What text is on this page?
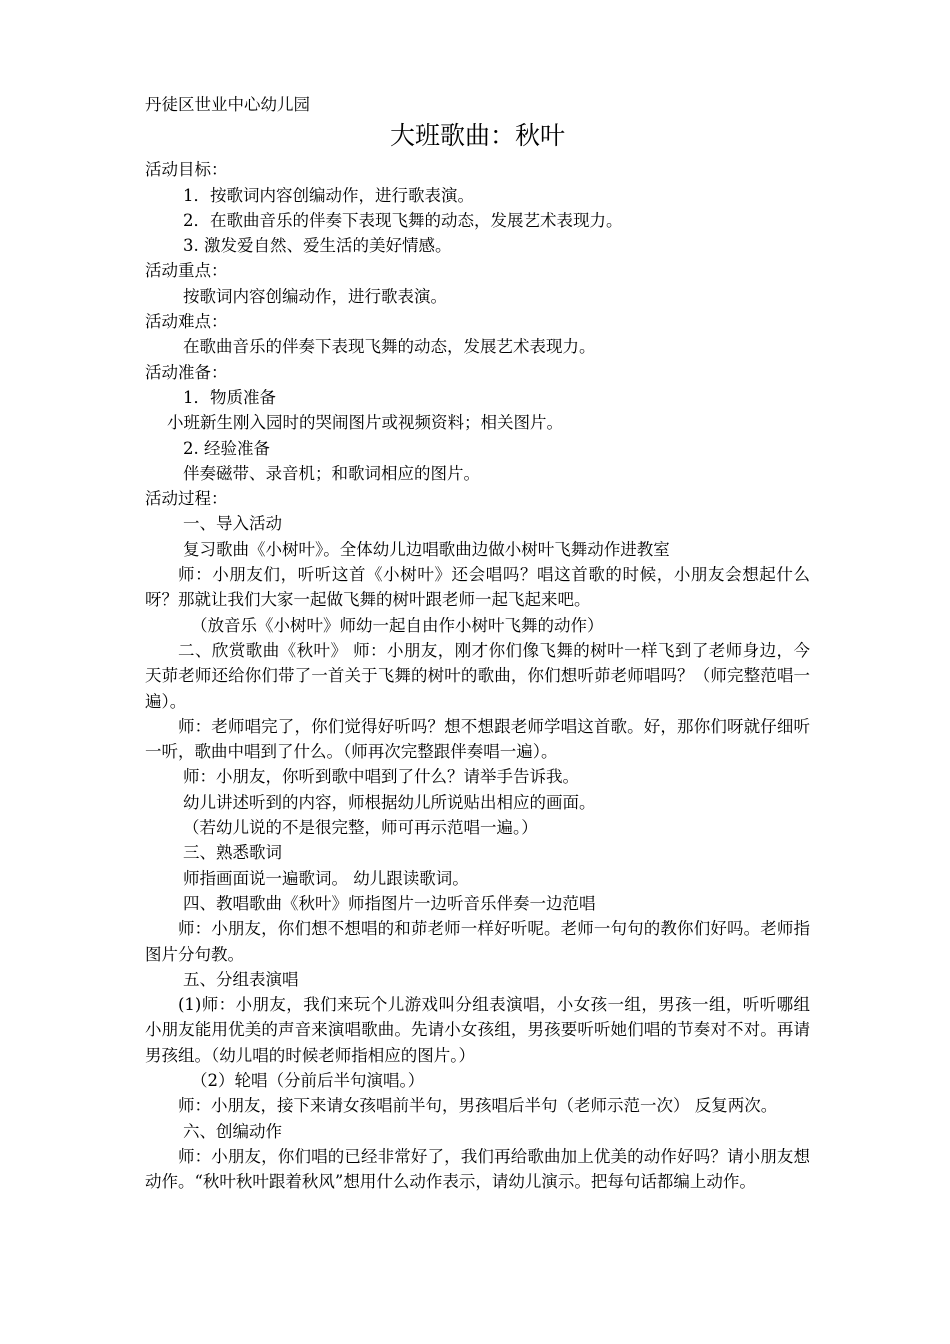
丹徒区世业中心幼儿园
大班歌曲：秋叶
活动目标：
1．按歌词内容创编动作，进行歌表演。
2．在歌曲音乐的伴奏下表现飞舞的动态，发展艺术表现力。
3. 激发爱自然、爱生活的美好情感。
活动重点：
按歌词内容创编动作，进行歌表演。
活动难点：
在歌曲音乐的伴奏下表现飞舞的动态，发展艺术表现力。
活动准备：
1．物质准备
小班新生刚入园时的哭闹图片或视频资料；相关图片。
2. 经验准备
伴奏磁带、录音机；和歌词相应的图片。
活动过程：
一、导入活动
复习歌曲《小树叶》。全体幼儿边唱歌曲边做小树叶飞舞动作进教室

师：小朋友们，听听这首《小树叶》还会唱吗？唱这首歌的时候，小朋友会想起什么呀？那就让我们大家一起做飞舞的树叶跟老师一起飞起来吧。

（放音乐《小树叶》师幼一起自由作小树叶飞舞的动作）

二、欣赏歌曲《秋叶》 师：小朋友，刚才你们像飞舞的树叶一样飞到了老师身边，今天茆老师还给你们带了一首关于飞舞的树叶的歌曲，你们想听茆老师唱吗？（师完整范唱一遍）。

师：老师唱完了，你们觉得好听吗？想不想跟老师学唱这首歌。好，那你们呀就仔细听一听，歌曲中唱到了什么。（师再次完整跟伴奏唱一遍）。

师：小朋友，你听到歌中唱到了什么？请举手告诉我。
幼儿讲述听到的内容，师根据幼儿所说贴出相应的画面。
（若幼儿说的不是很完整，师可再示范唱一遍。）
三、熟悉歌词
师指画面说一遍歌词。 幼儿跟读歌词。
四、教唱歌曲《秋叶》师指图片一边听音乐伴奏一边范唱

师：小朋友，你们想不想唱的和茆老师一样好听呢。老师一句句的教你们好吗。老师指图片分句教。

五、分组表演唱

(1)师：小朋友，我们来玩个儿游戏叫分组表演唱，小女孩一组，男孩一组，听听哪组小朋友能用优美的声音来演唱歌曲。先请小女孩组，男孩要听听她们唱的节奏对不对。再请男孩组。（幼儿唱的时候老师指相应的图片。）

（2）轮唱（分前后半句演唱。）

师：小朋友，接下来请女孩唱前半句，男孩唱后半句（老师示范一次） 反复两次。

六、创编动作

师：小朋友，你们唱的已经非常好了，我们再给歌曲加上优美的动作好吗？请小朋友想动作。“秋叶秋叶跟着秋风”想用什么动作表示，请幼儿演示。把每句话都编上动作。
